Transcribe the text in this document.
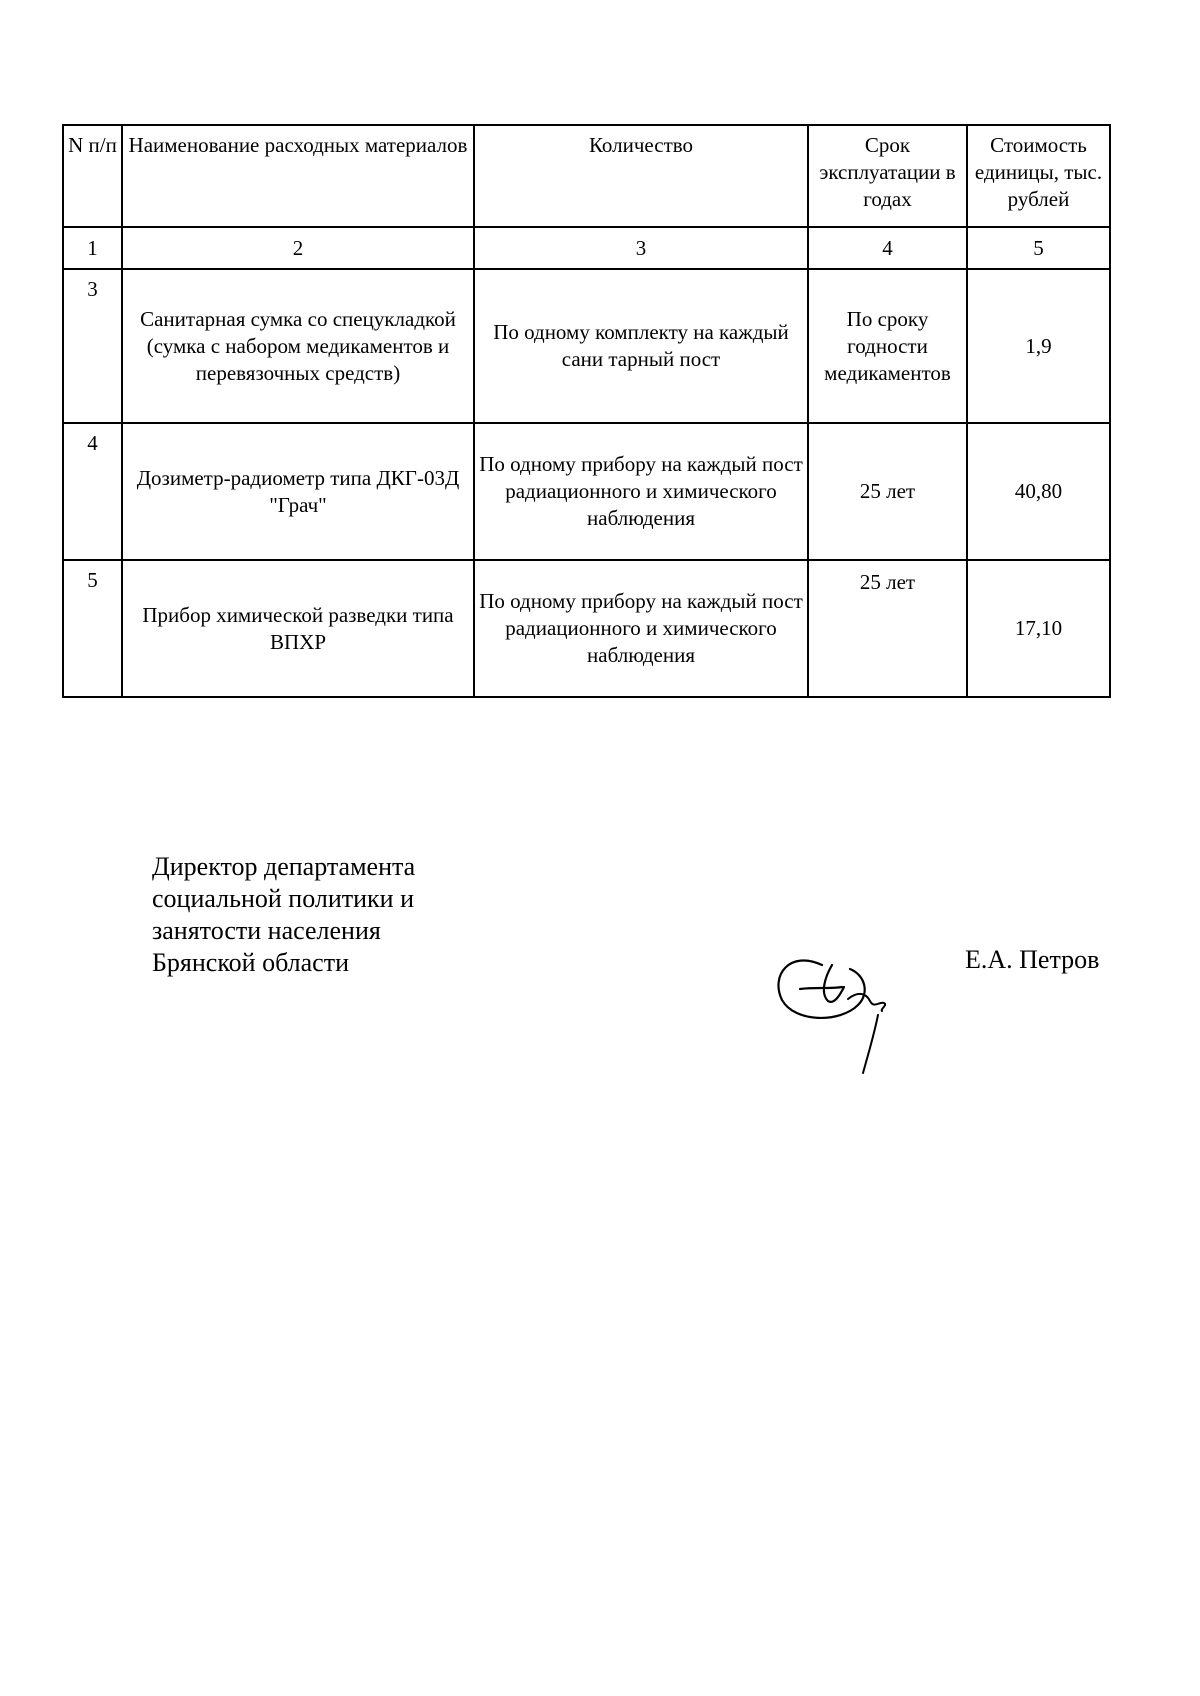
N п/п	Наименование расходных материалов	Количество	Срок эксплуатации в годах	Стоимость единицы, тыс. рублей
1	2	3	4	5
3	Санитарная сумка со спецукладкой (сумка с набором медикаментов и перевязочных средств)	По одному комплекту на каждый сани тарный пост	По сроку годности медикаментов	1,9
4	Дозиметр-радиометр типа ДКГ-03Д "Грач"	По одному прибору на каждый пост радиационного и химического наблюдения	25 лет	40,80
5	Прибор химической разведки типа ВПХР	По одному прибору на каждый пост радиационного и химического наблюдения	25 лет	17,10
Директор департамента
социальной политики и
занятости населения
Брянской области	Е.А. Петров
